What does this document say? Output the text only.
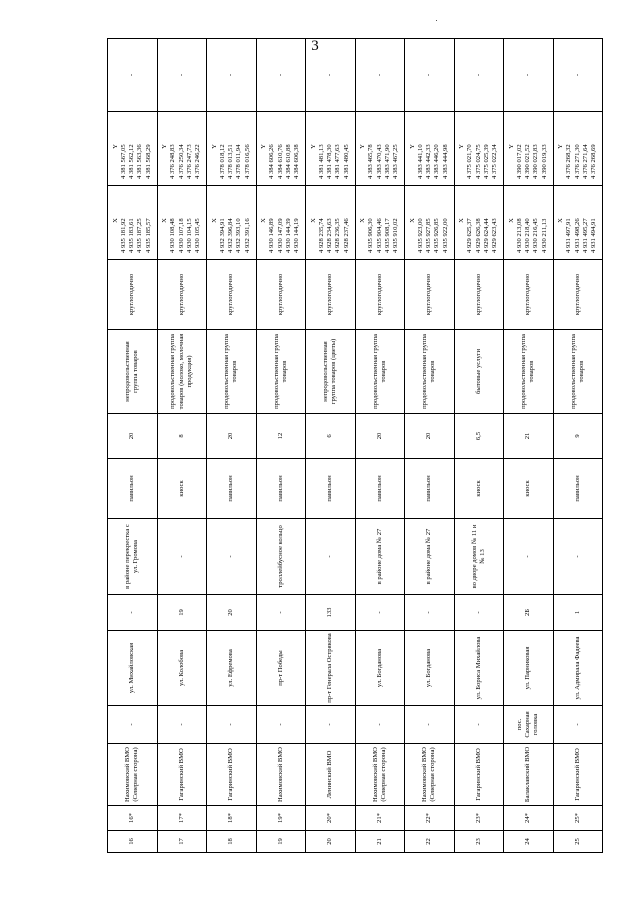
3
16	16*	Нахимовский ВМО (Северная сторона)	-	ул. Михайловская	-	в районе перекрестка с ул. Громова	павильон	20	непродовольственная группа товаров	круглогодично	X 4 935 181,92 4 935 183,61 4 935 187,25 4 935 185,57	Y 4 381 567,05 4 381 562,12 4 381 563,36 4 381 568,29	-
17	17*	Гагаринский ВМО	-	ул. Колобова	19	-	киоск	8	продовольственная группа товаров (молоко, молочная продукция)	круглогодично	X 4 930 108,48 4 930 107,18 4 930 104,15 4 930 105,45	Y 4 376 248,83 4 376 250,34 4 376 247,73 4 376 246,22	-
18	18*	Гагаринский ВМО	-	ул. Ефремова	20	-	павильон	20	продовольственная группа товаров	круглогодично	X 4 932 394,91 4 932 396,84 4 932 393,10 4 932 391,16	Y 4 378 018,12 4 378 013,51 4 378 011,94 4 378 016,56	-
19	19*	Нахимовский ВМО	-	пр-т Победы	-	троллейбусное кольцо	павильон	12	продовольственная группа товаров	круглогодично	X 4 930 146,89 4 930 147,09 4 930 144,39 4 930 144,19	Y 4 384 606,26 4 384 610,76 4 384 610,88 4 384 606,38	-
20	20*	Ленинский ВМО	-	пр-т Генерала Острякова	133	-	павильон	6	непродовольственная группа товаров (цветы)	круглогодично	X 4 928 235,74 4 928 234,63 4 928 236,35 4 928 237,46	Y 4 381 481,13 4 381 478,30 4 381 477,63 4 381 480,45	-
21	21*	Нахимовский ВМО (Северная сторона)	-	ул. Богданова	-	в районе дома № 27	павильон	20	продовольственная группа товаров	круглогодично	X 4 935 906,30 4 935 904,46 4 935 908,17 4 935 910,02	Y 4 383 465,78 4 383 470,43 4 383 471,90 4 383 467,25	-
22	22*	Нахимовский ВМО (Северная сторона)	-	ул. Богданова	-	в районе дома № 27	павильон	20	продовольственная группа товаров	круглогодично	X 4 935 923,00 4 935 927,85 4 935 926,85 4 935 922,00	Y 4 383 441,10 4 383 442,33 4 383 446,20 4 383 444,98	-
23	23*	Гагаринский ВМО	-	ул. Бориса Михайлова	-	во дворе домов № 11 и № 13	киоск	6,5	бытовые услуги	круглогодично	X 4 929 625,37 4 929 626,38 4 929 624,44 4 929 623,43	Y 4 375 021,70 4 375 024,75 4 375 025,39 4 375 022,34	-
24	24*	Балаклавский ВМО	пос. Сахарная головка	ул. Парниковая	2Б	-	киоск	21	продовольственная группа товаров	круглогодично	X 4 930 213,08 4 930 218,40 4 930 216,45 4 930 211,13	Y 4 390 017,02 4 390 021,52 4 390 023,83 4 390 019,33	-
25	25*	Гагаринский ВМО	-	ул. Адмирала Фадеева	1	-	павильон	9	продовольственная группа товаров	круглогодично	X 4 931 497,91 4 931 498,26 4 931 495,27 4 931 494,91	Y 4 376 268,32 4 376 271,30 4 376 271,64 4 376 268,69	-
